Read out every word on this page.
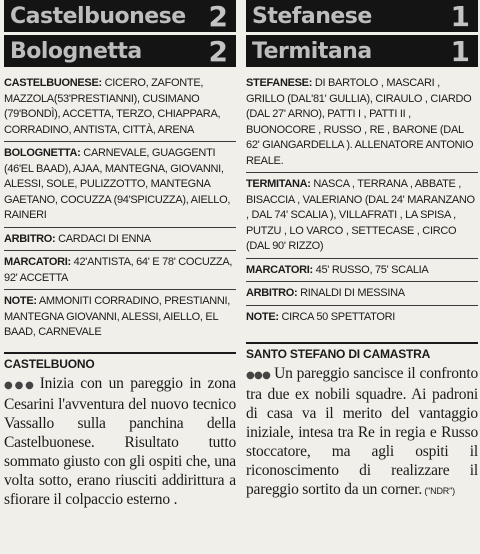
Castelbuonese 2
Bolognetta 2
CASTELBUONESE: CICERO, ZAFONTE, MAZZOLA(53'PRESTIANNI), CUSIMANO (79'BONDÌ), ACCETTA, TERZO, CHIAPPARA, CORRADINO, ANTISTA, CITTÀ, ARENA
BOLOGNETTA: CARNEVALE, GUAGGENTI (46'EL BAAD), AJAA, MANTEGNA, GIOVANNI, ALESSI, SOLE, PULIZZOTTO, MANTEGNA GAETANO, COCUZZA (94'SPICUZZA), AIELLO, RAINERI
ARBITRO: CARDACI DI ENNA
MARCATORI: 42'ANTISTA, 64' E 78' COCUZZA, 92' ACCETTA
NOTE: AMMONITI CORRADINO, PRESTIANNI, MANTEGNA GIOVANNI, ALESSI, AIELLO, EL BAAD, CARNEVALE
CASTELBUONO
●●● Inizia con un pareggio in zona Cesarini l'avventura del nuovo tecnico Vassallo sulla panchina della Castelbuonese. Risultato tutto sommato giusto con gli ospiti che, una volta sotto, erano riusciti addirittura a sfiorare il colpaccio esterno .
Stefanese	1
Termitana	1
STEFANESE: DI BARTOLO , MASCARI , GRILLO (DAL'81' GULLIA), CIRAULO , CIARDO (DAL 27' ARNO), PATTI I , PATTI II , BUONOCORE , RUSSO , RE , BARONE (DAL 62' GIANGARDELLA ). ALLENATORE ANTONIO REALE.
TERMITANA: NASCA , TERRANA , ABBATE , BISACCIA , VALERIANO (DAL 24' MARANZANO , DAL 74' SCALIA ), VILLAFRATI , LA SPISA , PUTZU , LO VARCO , SETTECASE , CIRCO (DAL 90' RIZZO)
MARCATORI: 45' RUSSO, 75' SCALIA
ARBITRO: RINALDI DI MESSINA
NOTE: CIRCA 50 SPETTATORI
SANTO STEFANO DI CAMASTRA
●●● Un pareggio sancisce il confronto tra due ex nobili squadre. Ai padroni di casa va il merito del vantaggio iniziale, intesa tra Re in regia e Russo stoccatore, ma agli ospiti il riconoscimento di realizzare il pareggio sortito da un corner. ("NDR")
